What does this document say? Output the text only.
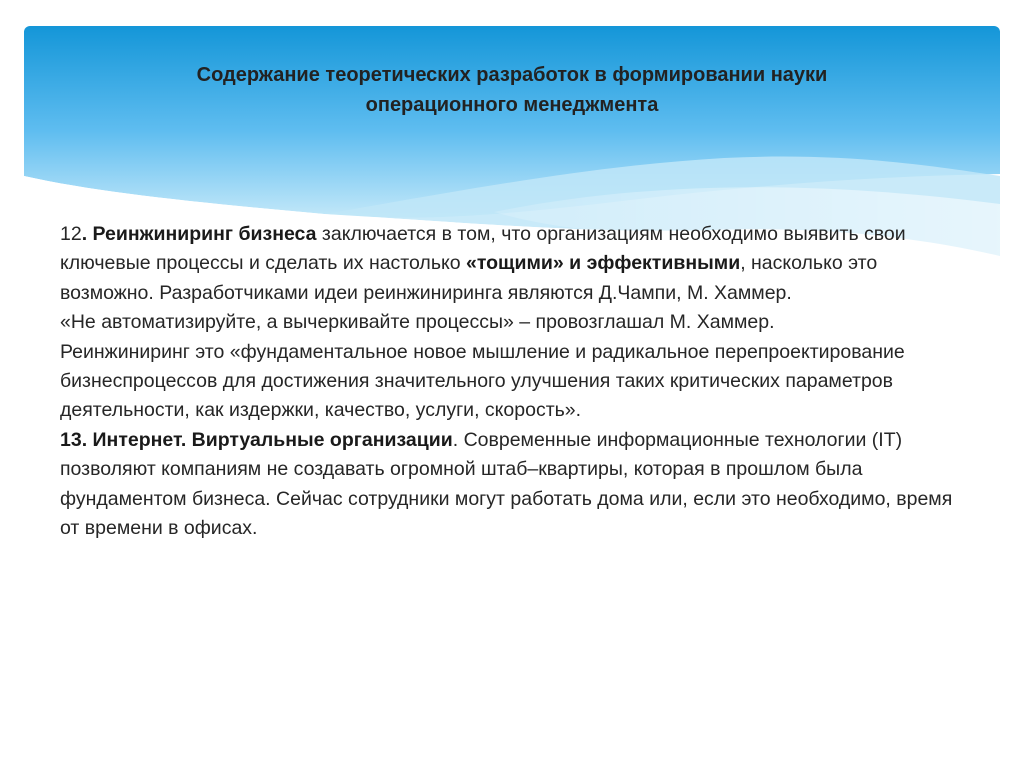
Содержание теоретических разработок в формировании науки
операционного менеджмента

12. Реинжиниринг бизнеса заключается в том, что организациям необходимо выявить свои ключевые процессы и сделать их настолько «тощими» и эффективными, насколько это возможно. Разработчиками идеи реинжиниринга являются Д.Чампи, М. Хаммер.

«Не автоматизируйте, а вычеркивайте процессы» – провозглашал М. Хаммер.

Реинжиниринг это «фундаментальное новое мышление и радикальное перепроектирование бизнеспроцессов для достижения значительного улучшения таких критических параметров деятельности, как издержки, качество, услуги, скорость».

13. Интернет. Виртуальные организации. Современные информационные технологии (IT) позволяют компаниям не создавать огромной штаб–квартиры, которая в прошлом была фундаментом бизнеса. Сейчас сотрудники могут работать дома или, если это необходимо, время от времени в офисах.
